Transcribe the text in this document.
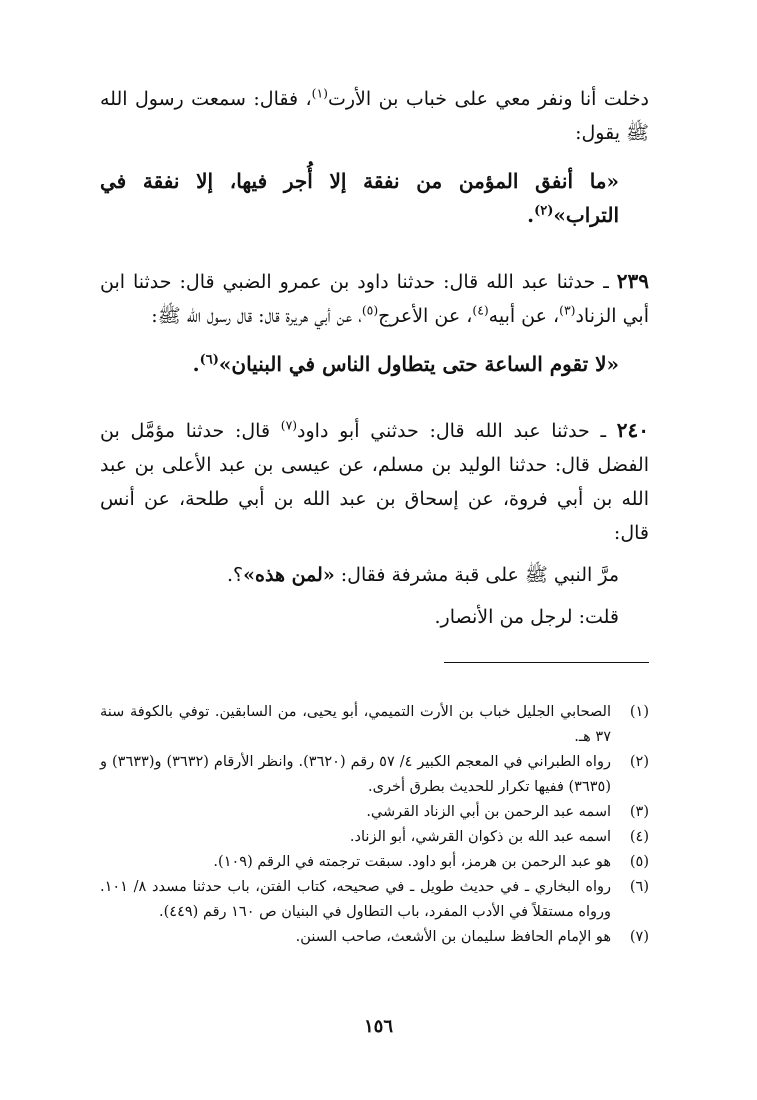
دخلت أنا ونفر معي على خباب بن الأرت$^{(١)}$، فقال: سمعت رسول الله ﷺ يقول:

«ما أنفق المؤمن من نفقة إلا أُجر فيها، إلا نفقة في التراب»$^{(٢)}$.

٢٣٩ ـ حدثنا عبد الله قال: حدثنا داود بن عمرو الضبي قال: حدثنا ابن أبي الزناد$^{(٣)}$، عن أبيه$^{(٤)}$، عن الأعرج$^{(٥)}$، عن أبي هريرة قال: قال رسول الله ﷺ:

«لا تقوم الساعة حتى يتطاول الناس في البنيان»$^{(٦)}$.

٢٤٠ ـ حدثنا عبد الله قال: حدثني أبو داود$^{(٧)}$ قال: حدثنا مؤمَّل بن الفضل قال: حدثنا الوليد بن مسلم، عن عيسى بن عبد الأعلى بن عبد الله بن أبي فروة، عن إسحاق بن عبد الله بن أبي طلحة، عن أنس قال:

مرَّ النبي ﷺ على قبة مشرفة فقال: «لمن هذه»؟.

قلت: لرجل من الأنصار.

(١)
الصحابي الجليل خباب بن الأرت التميمي، أبو يحيى، من السابقين. توفي بالكوفة سنة ٣٧ هـ.
(٢)
رواه الطبراني في المعجم الكبير ٤/ ٥٧ رقم (٣٦٢٠). وانظر الأرقام (٣٦٣٢) و(٣٦٣٣) و (٣٦٣٥) ففيها تكرار للحديث بطرق أخرى.
(٣)
اسمه عبد الرحمن بن أبي الزناد القرشي.
(٤)
اسمه عبد الله بن ذكوان القرشي، أبو الزناد.
(٥)
هو عبد الرحمن بن هرمز، أبو داود. سبقت ترجمته في الرقم (١٠٩).
(٦)
رواه البخاري ـ في حديث طويل ـ في صحيحه، كتاب الفتن، باب حدثنا مسدد ٨/ ١٠١. ورواه مستقلاً في الأدب المفرد، باب التطاول في البنيان ص ١٦٠ رقم (٤٤٩).
(٧)
هو الإمام الحافظ سليمان بن الأشعث، صاحب السنن.
١٥٦
